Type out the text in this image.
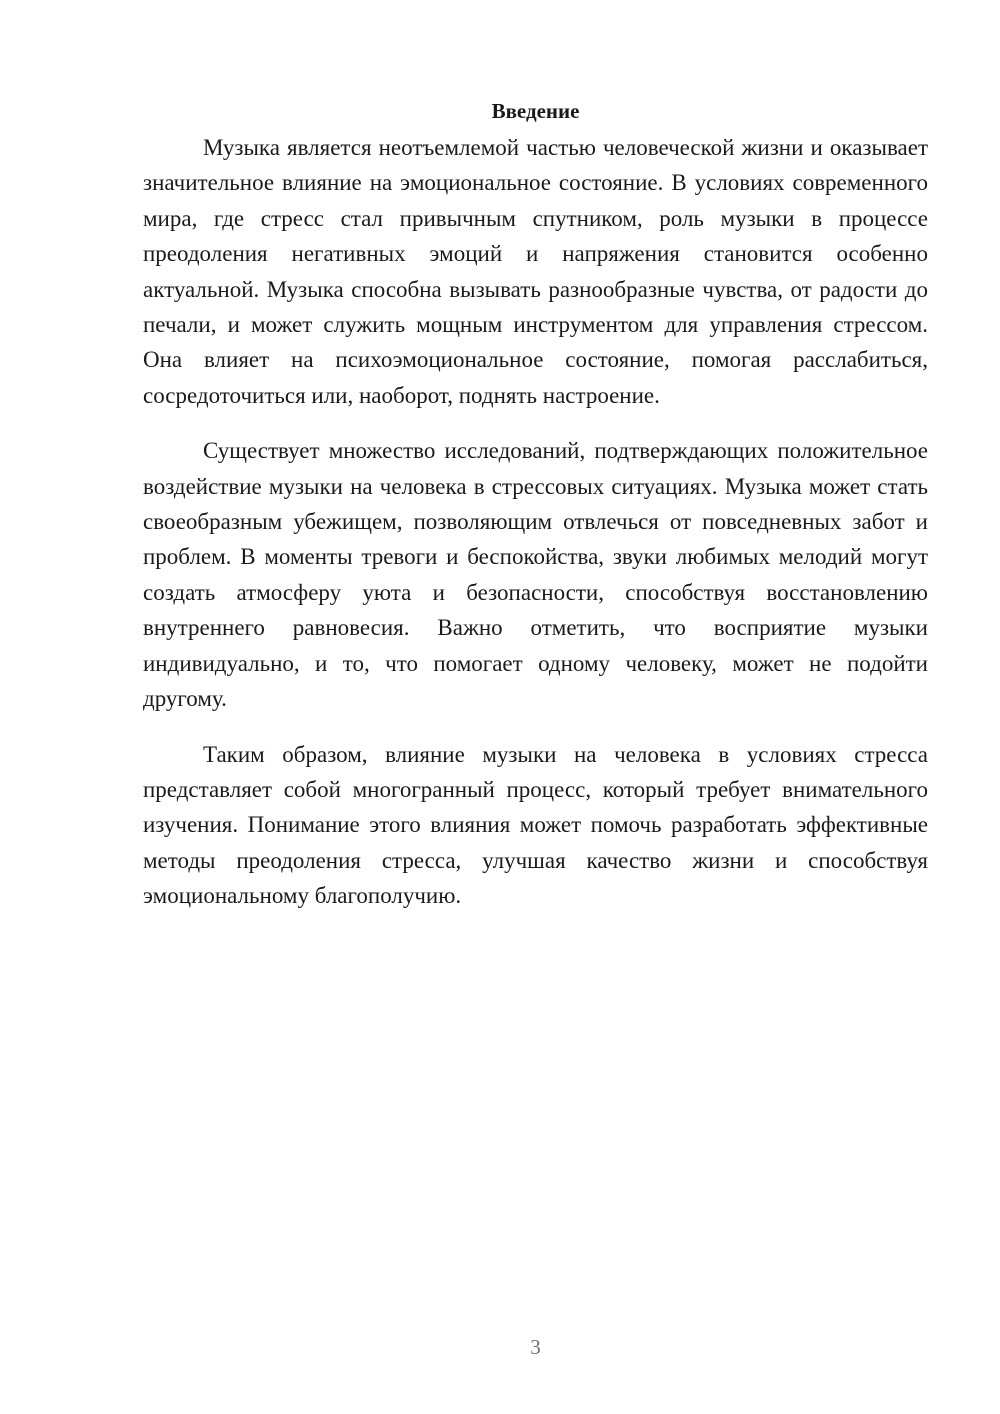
Введение

Музыка является неотъемлемой частью человеческой жизни и оказывает значительное влияние на эмоциональное состояние. В условиях современного мира, где стресс стал привычным спутником, роль музыки в процессе преодоления негативных эмоций и напряжения становится особенно актуальной. Музыка способна вызывать разнообразные чувства, от радости до печали, и может служить мощным инструментом для управления стрессом. Она влияет на психоэмоциональное состояние, помогая расслабиться, сосредоточиться или, наоборот, поднять настроение.

Существует множество исследований, подтверждающих положительное воздействие музыки на человека в стрессовых ситуациях. Музыка может стать своеобразным убежищем, позволяющим отвлечься от повседневных забот и проблем. В моменты тревоги и беспокойства, звуки любимых мелодий могут создать атмосферу уюта и безопасности, способствуя восстановлению внутреннего равновесия. Важно отметить, что восприятие музыки индивидуально, и то, что помогает одному человеку, может не подойти другому.

Таким образом, влияние музыки на человека в условиях стресса представляет собой многогранный процесс, который требует внимательного изучения. Понимание этого влияния может помочь разработать эффективные методы преодоления стресса, улучшая качество жизни и способствуя эмоциональному благополучию.

3
